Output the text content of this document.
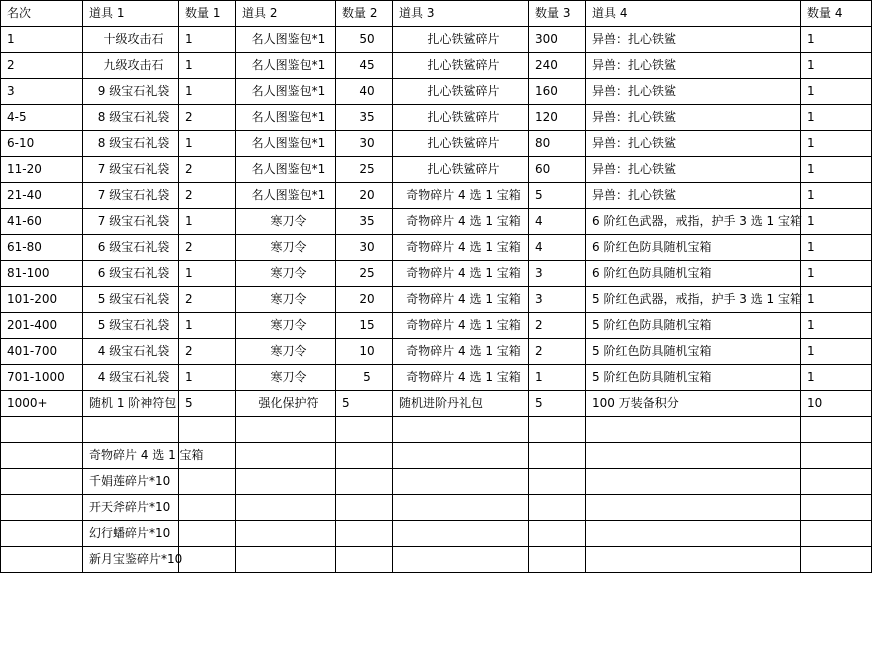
名次	道具 1	数量 1	道具 2	数量 2	道具 3	数量 3	道具 4	数量 4
1	十级攻击石	1	名人图鉴包*1	50	扎心铁鲨碎片	300	异兽：扎心铁鲨	1
2	九级攻击石	1	名人图鉴包*1	45	扎心铁鲨碎片	240	异兽：扎心铁鲨	1
3	9 级宝石礼袋	1	名人图鉴包*1	40	扎心铁鲨碎片	160	异兽：扎心铁鲨	1
4-5	8 级宝石礼袋	2	名人图鉴包*1	35	扎心铁鲨碎片	120	异兽：扎心铁鲨	1
6-10	8 级宝石礼袋	1	名人图鉴包*1	30	扎心铁鲨碎片	80	异兽：扎心铁鲨	1
11-20	7 级宝石礼袋	2	名人图鉴包*1	25	扎心铁鲨碎片	60	异兽：扎心铁鲨	1
21-40	7 级宝石礼袋	2	名人图鉴包*1	20	奇物碎片 4 选 1 宝箱	5	异兽：扎心铁鲨	1
41-60	7 级宝石礼袋	1	寒刀令	35	奇物碎片 4 选 1 宝箱	4	6 阶红色武器，戒指，护手 3 选 1 宝箱	1
61-80	6 级宝石礼袋	2	寒刀令	30	奇物碎片 4 选 1 宝箱	4	6 阶红色防具随机宝箱	1
81-100	6 级宝石礼袋	1	寒刀令	25	奇物碎片 4 选 1 宝箱	3	6 阶红色防具随机宝箱	1
101-200	5 级宝石礼袋	2	寒刀令	20	奇物碎片 4 选 1 宝箱	3	5 阶红色武器，戒指，护手 3 选 1 宝箱	1
201-400	5 级宝石礼袋	1	寒刀令	15	奇物碎片 4 选 1 宝箱	2	5 阶红色防具随机宝箱	1
401-700	4 级宝石礼袋	2	寒刀令	10	奇物碎片 4 选 1 宝箱	2	5 阶红色防具随机宝箱	1
701-1000	4 级宝石礼袋	1	寒刀令	5	奇物碎片 4 选 1 宝箱	1	5 阶红色防具随机宝箱	1
1000+	随机 1 阶神符包	5	强化保护符	5	随机进阶丹礼包	5	100 万装备积分	10

	奇物碎片 4 选 1 宝箱							
	千娟莲碎片*10							
	开天斧碎片*10							
	幻行蟠碎片*10							
	新月宝鉴碎片*10							
